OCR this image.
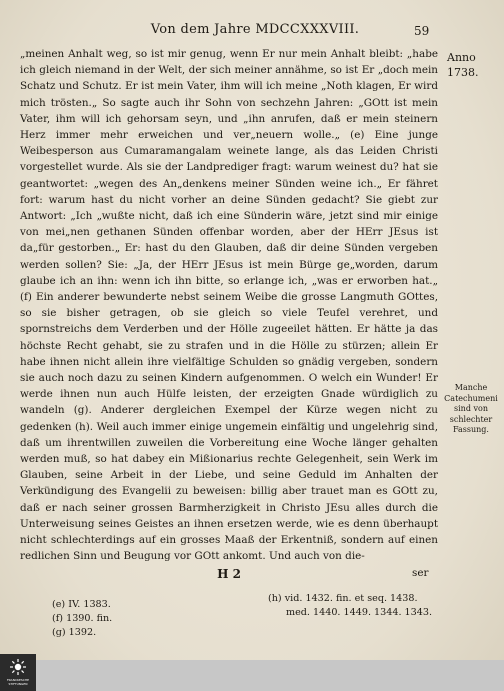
Von dem Jahre MDCCXXXVIII.	59
Anno
1738.

„meinen Anhalt weg, so ist mir genug, wenn Er nur mein Anhalt bleibt: „habe ich gleich niemand in der Welt, der sich meiner annähme, so ist Er „doch mein Schatz und Schutz. Er ist mein Vater, ihm will ich meine „Noth klagen, Er wird mich trösten.„ So sagte auch ihr Sohn von sechzehn Jahren: „GOtt ist mein Vater, ihm will ich gehorsam seyn, und „ihn anrufen, daß er mein steinern Herz immer mehr erweichen und ver„neuern wolle.„ (e) Eine junge Weibesperson aus Cumaramangalam weinete lange, als das Leiden Christi vorgestellet wurde. Als sie der Landprediger fragt: warum weinest du? hat sie geantwortet: „wegen des An„denkens meiner Sünden weine ich.„ Er fähret fort: warum hast du nicht vorher an deine Sünden gedacht? Sie giebt zur Antwort: „Ich „wußte nicht, daß ich eine Sünderin wäre, jetzt sind mir einige von mei„nen gethanen Sünden offenbar worden, aber der HErr JEsus ist da„für gestorben.„ Er: hast du den Glauben, daß dir deine Sünden vergeben werden sollen? Sie: „Ja, der HErr JEsus ist mein Bürge ge„worden, darum glaube ich an ihn: wenn ich ihn bitte, so erlange ich, „was er erworben hat.„ (f) Ein anderer bewunderte nebst seinem Weibe die grosse Langmuth GOttes, so sie bisher getragen, ob sie gleich so viele Teufel verehret, und spornstreichs dem Verderben und der Hölle zugeeilet hätten. Er hätte ja das höchste Recht gehabt, sie zu strafen und in die Hölle zu stürzen; allein Er habe ihnen nicht allein ihre vielfältige Schulden so gnädig vergeben, sondern sie auch noch dazu zu seinen Kindern aufgenommen. O welch ein Wunder! Er werde ihnen nun auch Hülfe leisten, der erzeigten Gnade würdiglich zu wandeln (g). Anderer dergleichen Exempel der Kürze wegen nicht zu gedenken (h). Weil auch immer einige ungemein einfältig und ungelehrig sind, daß um ihrentwillen zuweilen die Vorbereitung eine Woche länger gehalten werden muß, so hat dabey ein Mißionarius rechte Gelegenheit, sein Werk im Glauben, seine Arbeit in der Liebe, und seine Geduld im Anhalten der Verkündigung des Evangelii zu beweisen: billig aber trauet man es GOtt zu, daß er nach seiner grossen Barmherzigkeit in Christo JEsu alles durch die Unterweisung seines Geistes an ihnen ersetzen werde, wie es denn überhaupt nicht schlechterdings auf ein grosses Maaß der Erkentniß, sondern auf einen redlichen Sinn und Beugung vor GOtt ankomt. Und auch von die-

Manche Catechumeni sind von schlechter Fassung.
H 2	ser
(e) IV. 1383.
(f) 1390. fin.
(g) 1392.
(h) vid. 1432. fin. et seq. 1438.
med. 1440. 1449. 1344. 1343.
FRANCKESCHE STIFTUNGEN
